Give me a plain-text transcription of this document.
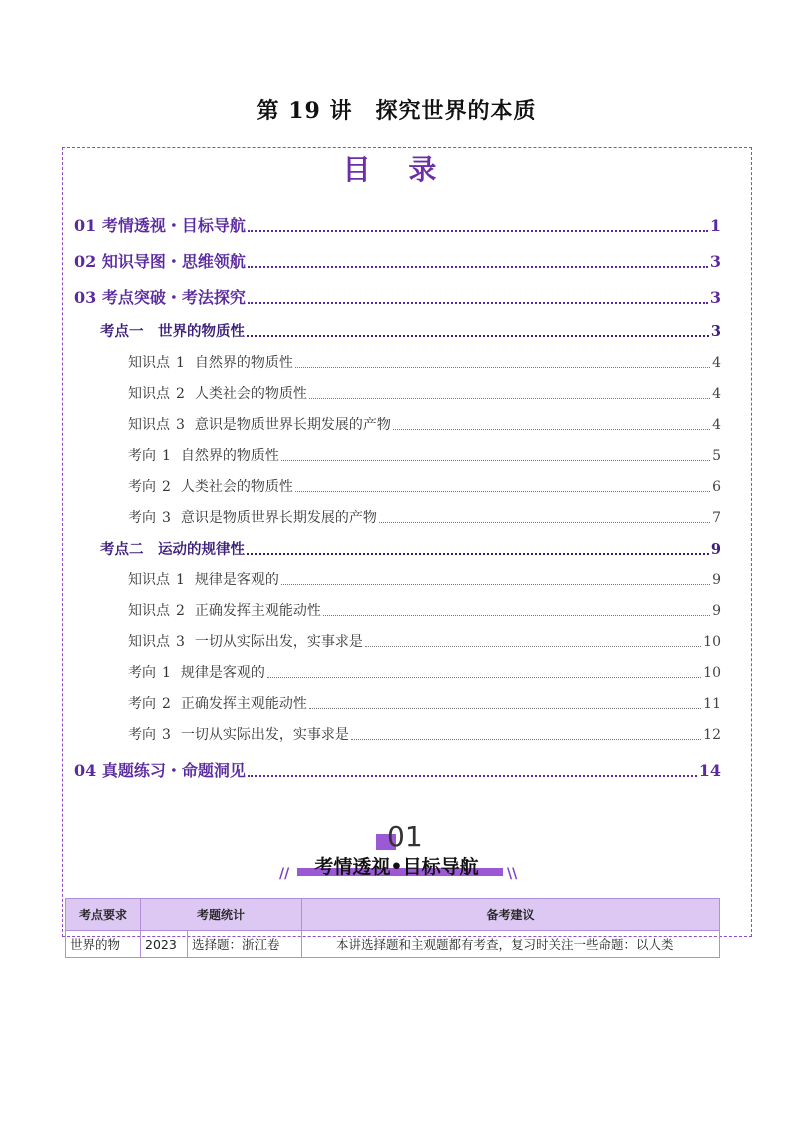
第 19 讲　探究世界的本质
目 录
01 考情透视・目标导航	1
02 知识导图・思维领航	3
03 考点突破・考法探究	3
考点一　世界的物质性	3
知识点 1 自然界的物质性	4
知识点 2 人类社会的物质性	4
知识点 3 意识是物质世界长期发展的产物	4
考向 1 自然界的物质性	5
考向 2 人类社会的物质性	6
考向 3 意识是物质世界长期发展的产物	7
考点二　运动的规律性	9
知识点 1 规律是客观的	9
知识点 2 正确发挥主观能动性	9
知识点 3 一切从实际出发，实事求是	10
考向 1 规律是客观的	10
考向 2 正确发挥主观能动性	11
考向 3 一切从实际出发，实事求是	12
04 真题练习・命题洞见	14
01
//	\\
考情透视•目标导航
考点要求	考题统计		备考建议
世界的物	2023	选择题：浙江卷	本讲选择题和主观题都有考查，复习时关注一些命题：以人类
